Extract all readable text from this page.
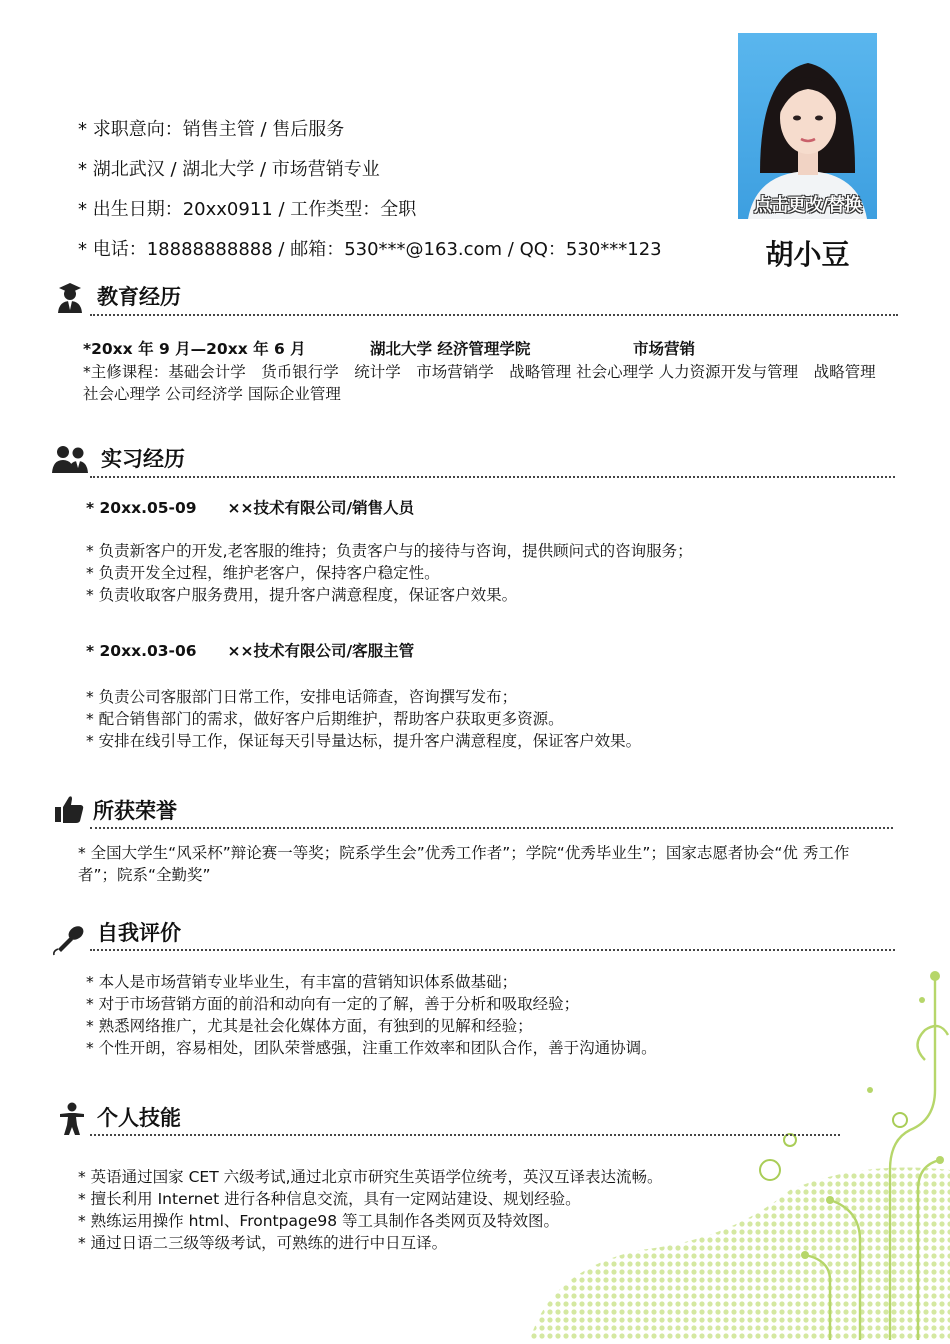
* 求职意向：销售主管 / 售后服务
* 湖北武汉 / 湖北大学 / 市场营销专业
* 出生日期：20xx0911 / 工作类型：全职
* 电话：18888888888 / 邮箱：530***@163.com / QQ：530***123
点击更改/替换
胡小豆
教育经历
*20xx 年 9 月—20xx 年 6 月	湖北大学 经济管理学院	市场营销
*主修课程：基础会计学　货币银行学　统计学　市场营销学　战略管理 社会心理学 人力资源开发与管理　战略管理　社会心理学 公司经济学 国际企业管理
实习经历
* 20xx.05-09　　××技术有限公司/销售人员
* 负责新客户的开发,老客服的维持；负责客户与的接待与咨询，提供顾问式的咨询服务；
* 负责开发全过程，维护老客户，保持客户稳定性。
* 负责收取客户服务费用，提升客户满意程度，保证客户效果。
* 20xx.03-06　　××技术有限公司/客服主管
* 负责公司客服部门日常工作，安排电话筛查，咨询撰写发布；
* 配合销售部门的需求，做好客户后期维护，帮助客户获取更多资源。
* 安排在线引导工作，保证每天引导量达标，提升客户满意程度，保证客户效果。
所获荣誉
* 全国大学生“风采杯”辩论赛一等奖；院系学生会”优秀工作者”；学院“优秀毕业生”；国家志愿者协会“优 秀工作者”；院系“全勤奖”
自我评价
* 本人是市场营销专业毕业生，有丰富的营销知识体系做基础；
* 对于市场营销方面的前沿和动向有一定的了解，善于分析和吸取经验；
* 熟悉网络推广，尤其是社会化媒体方面，有独到的见解和经验；
* 个性开朗，容易相处，团队荣誉感强，注重工作效率和团队合作，善于沟通协调。
个人技能
* 英语通过国家 CET 六级考试,通过北京市研究生英语学位统考，英汉互译表达流畅。
* 擅长利用 Internet 进行各种信息交流，具有一定网站建设、规划经验。
* 熟练运用操作 html、Frontpage98 等工具制作各类网页及特效图。
* 通过日语二三级等级考试，可熟练的进行中日互译。
